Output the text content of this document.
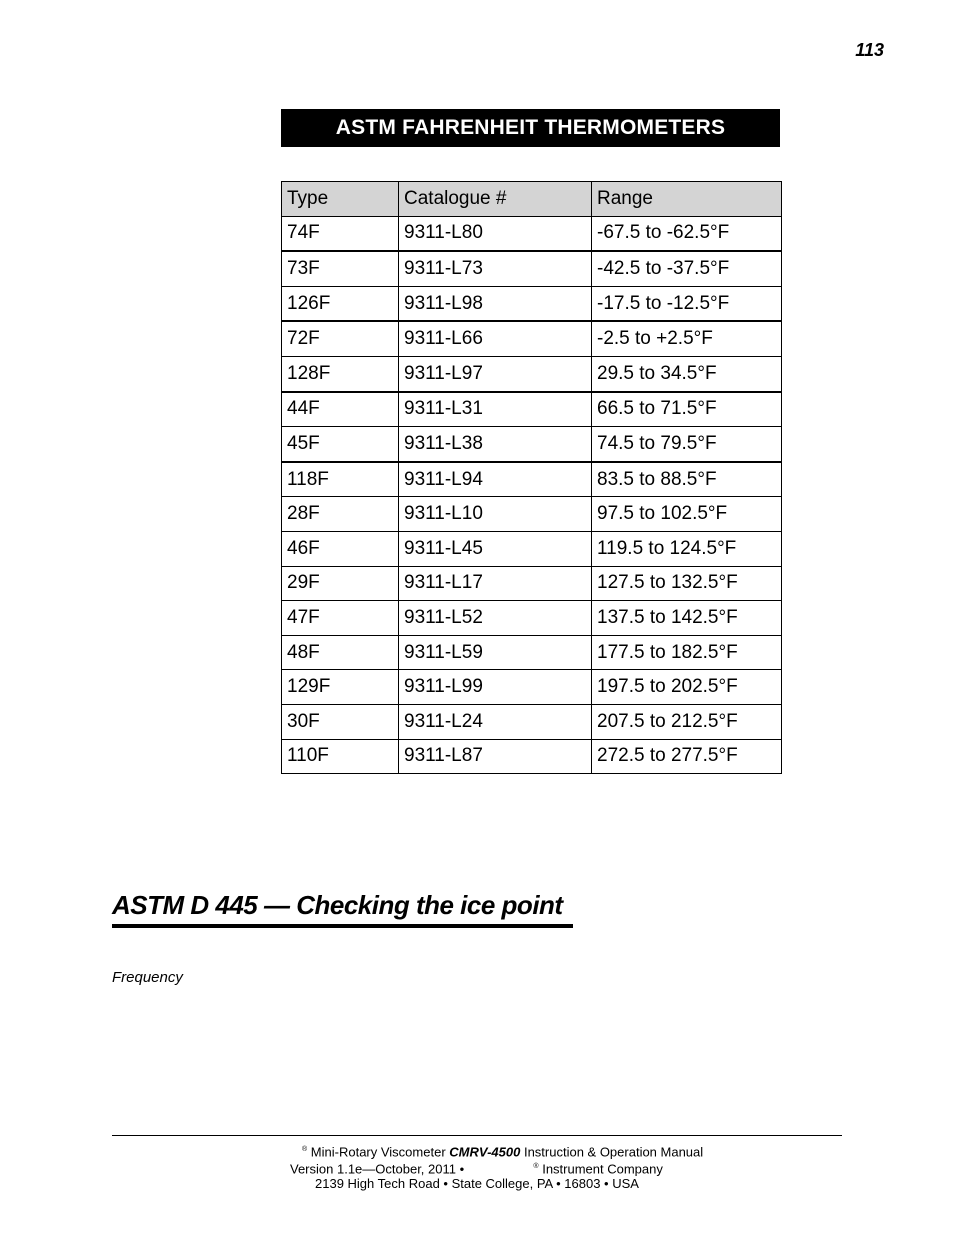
113
ASTM FAHRENHEIT THERMOMETERS
Type	Catalogue #	Range
74F	9311-L80	-67.5 to -62.5°F
73F	9311-L73	-42.5 to -37.5°F
126F	9311-L98	-17.5 to -12.5°F
72F	9311-L66	-2.5 to +2.5°F
128F	9311-L97	29.5 to 34.5°F
44F	9311-L31	66.5 to 71.5°F
45F	9311-L38	74.5 to 79.5°F
118F	9311-L94	83.5 to 88.5°F
28F	9311-L10	97.5 to 102.5°F
46F	9311-L45	119.5 to 124.5°F
29F	9311-L17	127.5 to 132.5°F
47F	9311-L52	137.5 to 142.5°F
48F	9311-L59	177.5 to 182.5°F
129F	9311-L99	197.5 to 202.5°F
30F	9311-L24	207.5 to 212.5°F
110F	9311-L87	272.5 to 277.5°F
ASTM D 445 — Checking the ice point
Frequency
® Mini-Rotary Viscometer CMRV-4500 Instruction & Operation Manual
Version 1.1e—October, 2011 •	® Instrument Company
2139 High Tech Road • State College, PA • 16803 • USA
